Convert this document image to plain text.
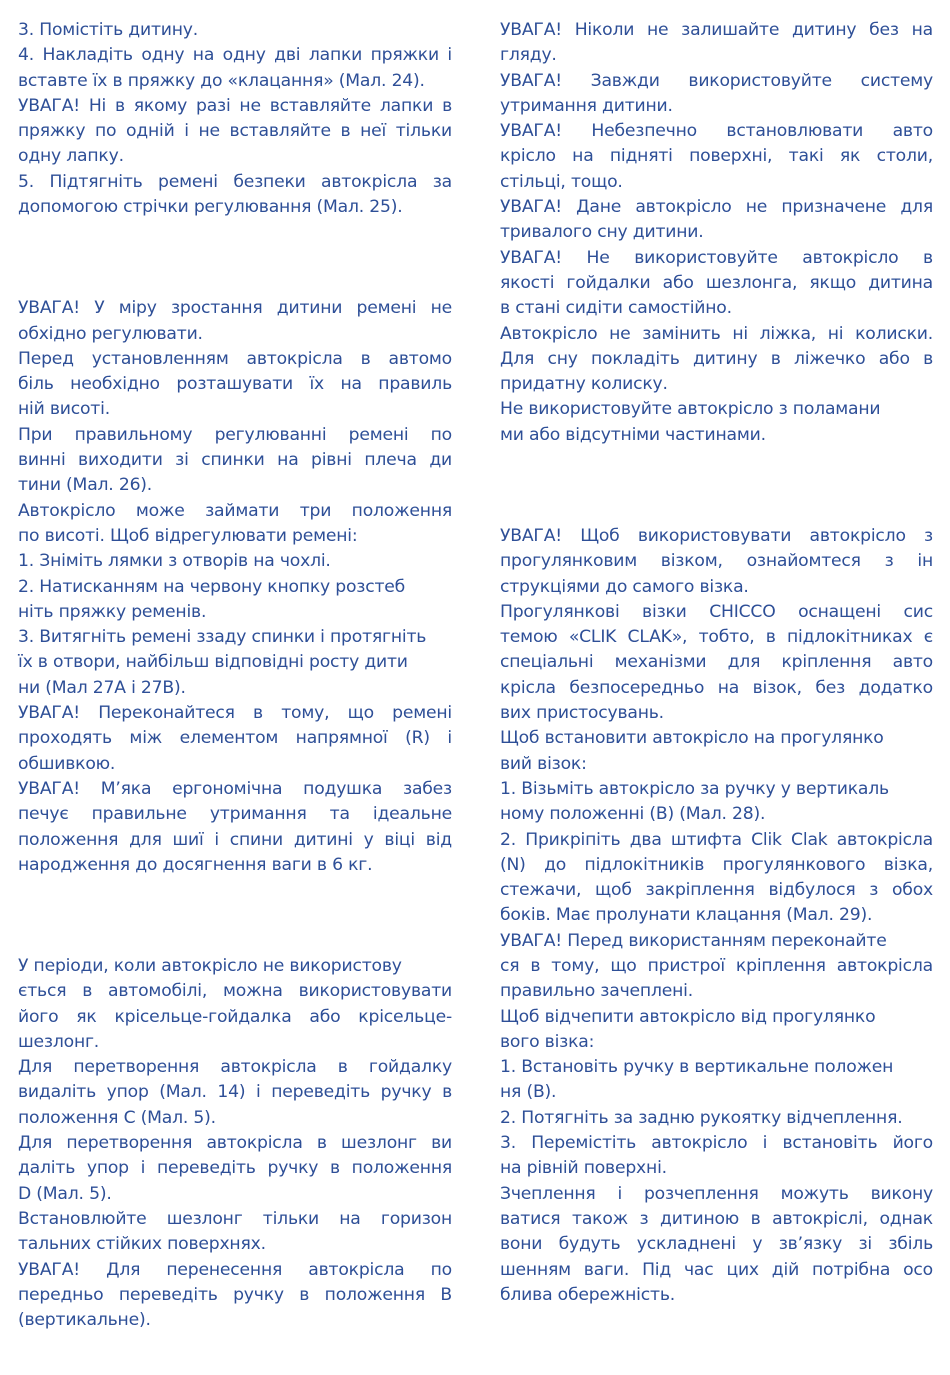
3. Помістіть дитину.
4. Накладіть одну на одну дві лапки пряжки і
вставте їх в пряжку до «клацання» (Мал. 24).
УВАГА! Ні в якому разі не вставляйте лапки в
пряжку по одній і не вставляйте в неї тільки
одну лапку.
5. Підтягніть ремені безпеки автокрісла за
допомогою стрічки регулювання (Мал. 25).
УВАГА! У міру зростання дитини ремені не
обхідно регулювати.
Перед установленням автокрісла в автомо
біль необхідно розташувати їх на правиль
ній висоті.
При правильному регулюванні ремені по
винні виходити зі спинки на рівні плеча ди
тини (Мал. 26).
Автокрісло може займати три положення
по висоті. Щоб відрегулювати ремені:
1. Зніміть лямки з отворів на чохлі.
2. Натисканням на червону кнопку розстеб
ніть пряжку ременів.
3. Витягніть ремені ззаду спинки і протягніть
їх в отвори, найбільш відповідні росту дити
ни (Мал 27А і 27В).
УВАГА! Переконайтеся в тому, що ремені
проходять між елементом напрямної (R) і
обшивкою.
УВАГА! М’яка ергономічна подушка забез
печує правильне утримання та ідеальне
положення для шиї і спини дитині у віці від
народження до досягнення ваги в 6 кг.
У періоди, коли автокрісло не використову
ється в автомобілі, можна використовувати
його як крісельце-гойдалка або крісельце-
шезлонг.
Для перетворення автокрісла в гойдалку
видаліть упор (Мал. 14) і переведіть ручку в
положення С (Мал. 5).
Для перетворення автокрісла в шезлонг ви
даліть упор і переведіть ручку в положення
D (Мал. 5).
Встановлюйте шезлонг тільки на горизон
тальних стійких поверхнях.
УВАГА! Для перенесення автокрісла по
передньо переведіть ручку в положення В
(вертикальне).
УВАГА! Ніколи не залишайте дитину без на
гляду.
УВАГА! Завжди використовуйте систему
утримання дитини.
УВАГА! Небезпечно встановлювати авто
крісло на підняті поверхні, такі як столи,
стільці, тощо.
УВАГА! Дане автокрісло не призначене для
тривалого сну дитини.
УВАГА! Не використовуйте автокрісло в
якості гойдалки або шезлонга, якщо дитина
в стані сидіти самостійно.
Автокрісло не замінить ні ліжка, ні колиски.
Для сну покладіть дитину в ліжечко або в
придатну колиску.
Не використовуйте автокрісло з поламани
ми або відсутніми частинами.
УВАГА! Щоб використовувати автокрісло з
прогулянковим візком, ознайомтеся з ін
струкціями до самого візка.
Прогулянкові візки CHICCO оснащені сис
темою «CLIK CLAK», тобто, в підлокітниках є
спеціальні механізми для кріплення авто
крісла безпосередньо на візок, без додатко
вих пристосувань.
Щоб встановити автокрісло на прогулянко
вий візок:
1. Візьміть автокрісло за ручку у вертикаль
ному положенні (B) (Мал. 28).
2. Прикріпіть два штифта Clik Clak автокрісла
(N) до підлокітників прогулянкового візка,
стежачи, щоб закріплення відбулося з обох
боків. Має пролунати клацання (Мал. 29).
УВАГА! Перед використанням переконайте
ся в тому, що пристрої кріплення автокрісла
правильно зачеплені.
Щоб відчепити автокрісло від прогулянко
вого візка:
1. Встановіть ручку в вертикальне положен
ня (B).
2. Потягніть за задню рукоятку відчеплення.
3. Перемістіть автокрісло і встановіть його
на рівній поверхні.
Зчеплення і розчеплення можуть викону
ватися також з дитиною в автокріслі, однак
вони будуть ускладнені у зв’язку зі збіль
шенням ваги. Під час цих дій потрібна осо
блива обережність.
